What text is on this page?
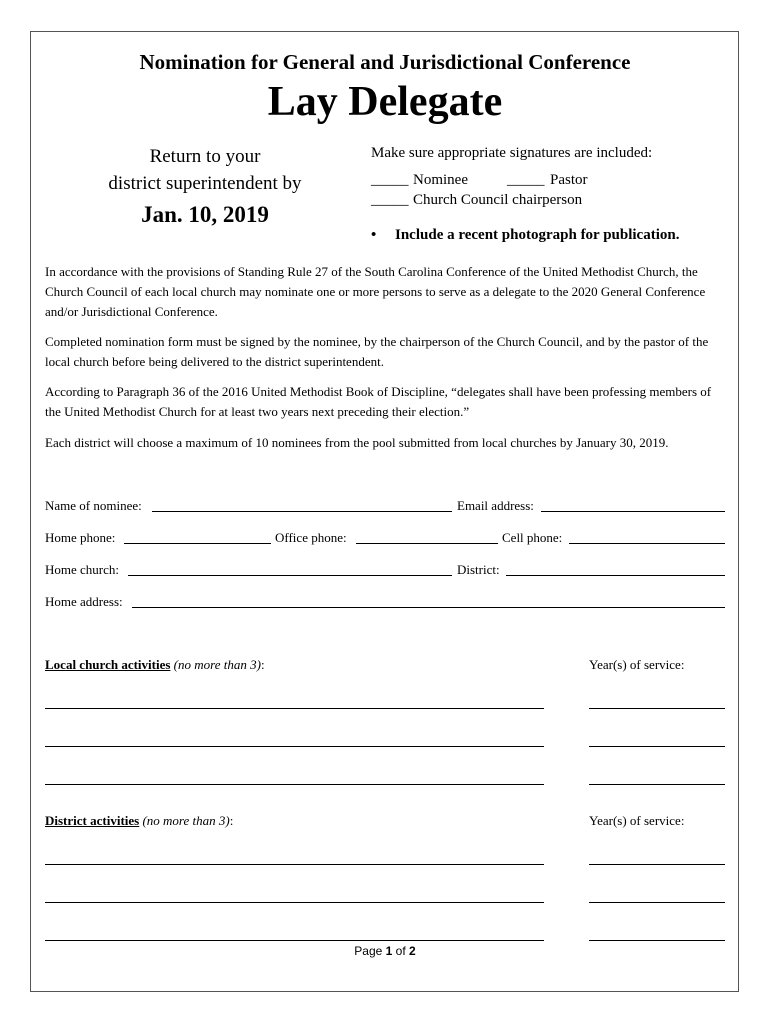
Nomination for General and Jurisdictional Conference
Lay Delegate
Return to your
district superintendent by
Jan. 10, 2019
Make sure appropriate signatures are included:
_____ Nominee	_____ Pastor
_____ Church Council chairperson
• Include a recent photograph for publication.
In accordance with the provisions of Standing Rule 27 of the South Carolina Conference of the United Methodist Church, the Church Council of each local church may nominate one or more persons to serve as a delegate to the 2020 General Conference and/or Jurisdictional Conference.
Completed nomination form must be signed by the nominee, by the chairperson of the Church Council, and by the pastor of the local church before being delivered to the district superintendent.
According to Paragraph 36 of the 2016 United Methodist Book of Discipline, “delegates shall have been professing members of the United Methodist Church for at least two years next preceding their election.”
Each district will choose a maximum of 10 nominees from the pool submitted from local churches by January 30, 2019.
Name of nominee:	Email address:
Home phone:	Office phone:	Cell phone:
Home church:	District:
Home address:
Local church activities (no more than 3):	Year(s) of service:
District activities (no more than 3):	Year(s) of service:
Page 1 of 2
